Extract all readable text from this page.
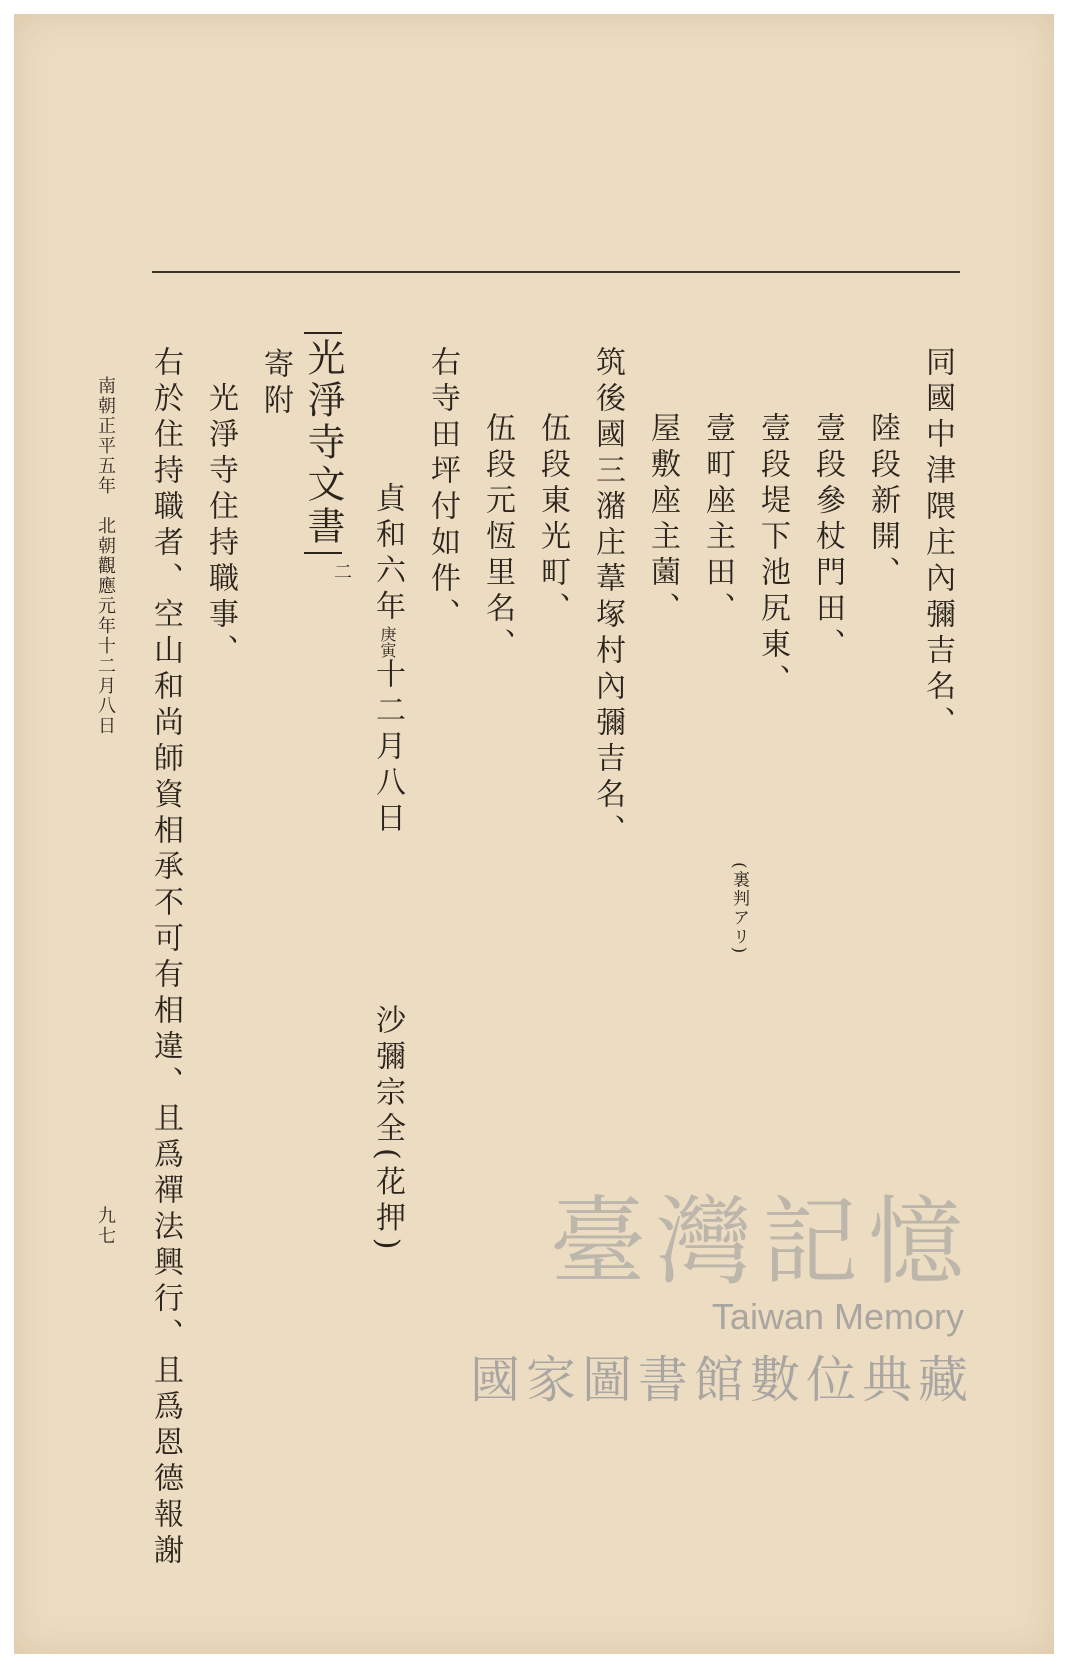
同國中津隈庄內彌吉名、
陸段新開、
壹段參杖門田、
壹段堤下池尻東、
(裏判アリ)
壹町座主田、
屋敷座主薗、
筑後國三潴庄葦塚村內彌吉名、
伍段東光町、
伍段元恆里名、
右寺田坪付如件、
貞和六年庚寅十二月八日
沙彌宗全(花押)
光淨寺文書
二
寄附
光淨寺住持職事、
右於住持職者、空山和尚師資相承不可有相違、且爲禪法興行、且爲恩德報謝
南朝正平五年　北朝觀應元年十二月八日
九七	臺灣記憶
Taiwan Memory
國家圖書館數位典藏
